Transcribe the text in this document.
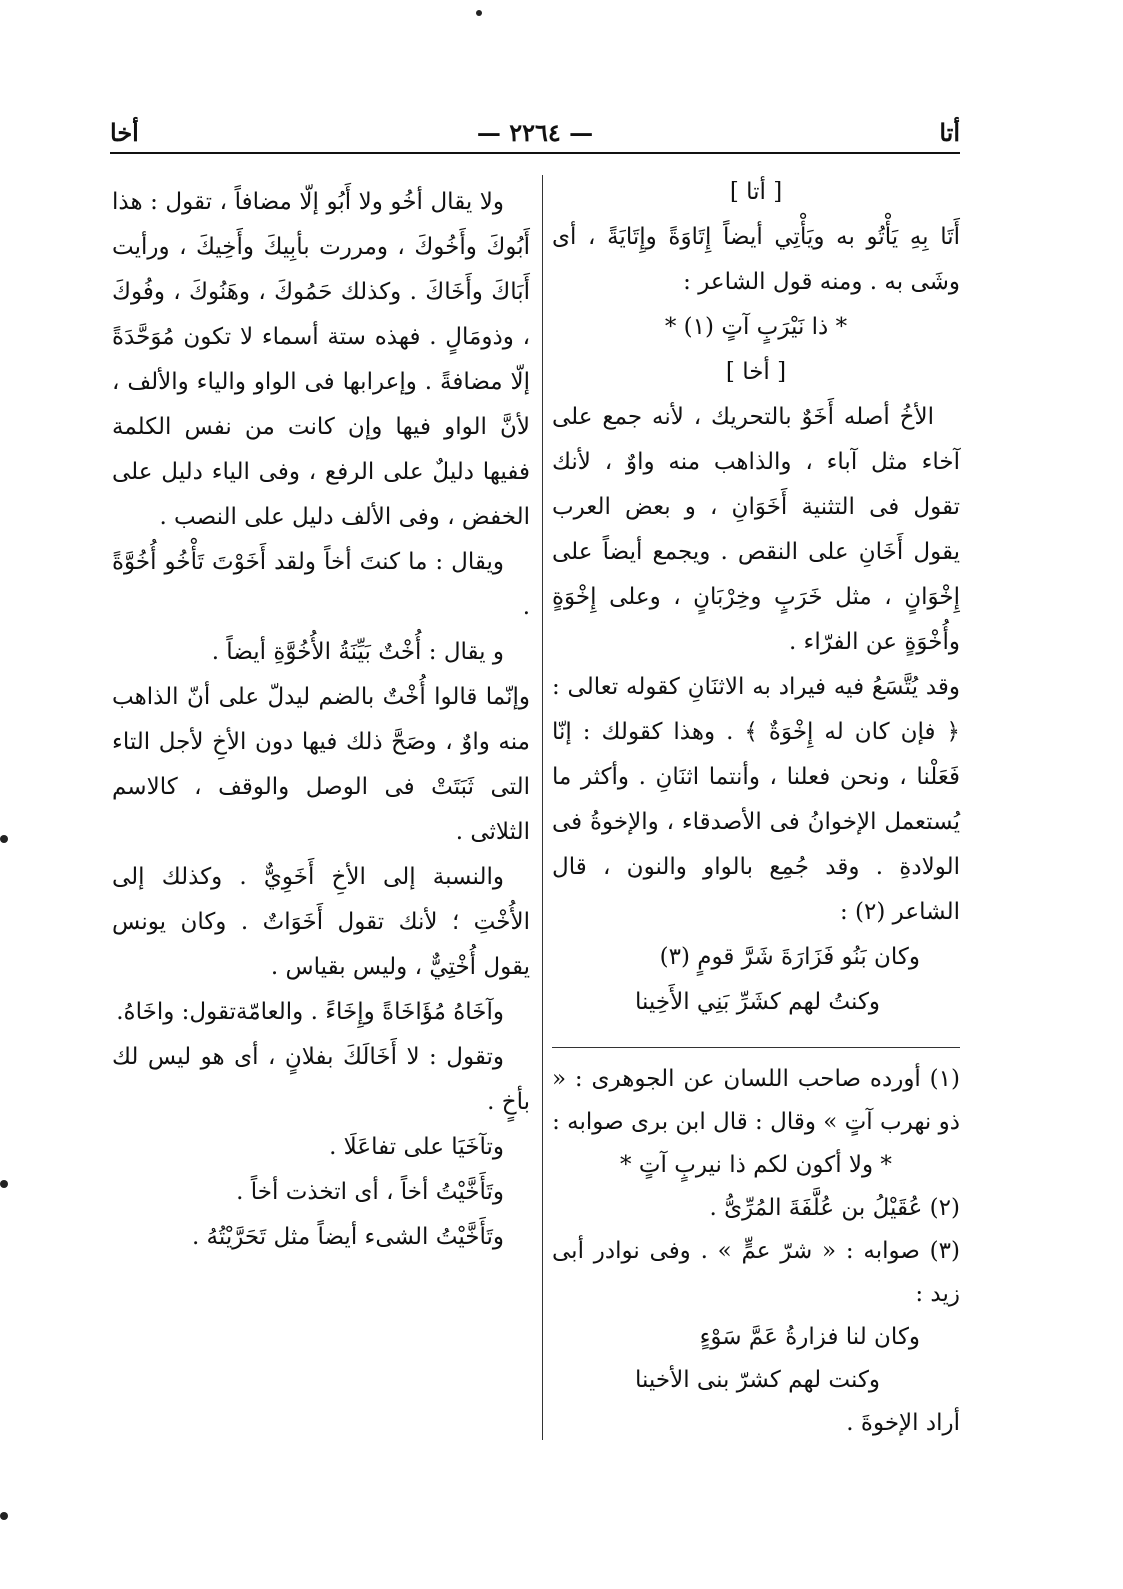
أتا
— ٢٢٦٤ —
أخا

[ أتا ]

أَتَا بِهِ يَأْتُو به ويَأْتِي أيضاً إِتَاوَةً وإِتَايَةً ، أى وشَى به . ومنه قول الشاعر :

* ذا نَيْرَبٍ آتٍ (١) *

[ أخا ]

الأخُ أصله أَخَوٌ بالتحريك ، لأنه جمع على آخاء مثل آباء ، والذاهب منه واوٌ ، لأنك تقول فى التثنية أَخَوَانِ ، و بعض العرب يقول أَخَانِ على النقص . ويجمع أيضاً على إِخْوَانٍ ، مثل خَرَبٍ وخِرْبَانٍ ، وعلى إِخْوَةٍ وأُخْوَةٍ عن الفرّاء .

وقد يُتَّسَعُ فيه فيراد به الاثنَانِ كقوله تعالى : ﴿ فإن كان له إِخْوَةٌ ﴾ . وهذا كقولك : إنّا فَعَلْنا ، ونحن فعلنا ، وأنتما اثنَانِ . وأكثر ما يُستعمل الإخوانُ فى الأصدقاء ، والإخوةُ فى الولادةِ . وقد جُمِع بالواو والنون ، قال الشاعر (٢) :

وكان بَنُو فَزَارَةَ شَرَّ قومٍ (٣)

وكنتُ لهم كشَرِّ بَنِي الأَخِينا

(١) أورده صاحب اللسان عن الجوهرى : « ذو نهرب آتٍ » وقال : قال ابن برى صوابه :

* ولا أكون لكم ذا نيربٍ آتٍ *

(٢) عُقَيْلُ بن عُلَّفَةَ المُرِّىُّ .

(٣) صوابه : « شرّ عمٍّ » . وفى نوادر أبى زيد :

وكان لنا فزارةُ عَمَّ سَوْءٍ

وكنت لهم كشرّ بنى الأخينا

أراد الإخوةَ .

ولا يقال أخُو ولا أَبُو إلّا مضافاً ، تقول : هذا أَبُوكَ وأَخُوكَ ، ومررت بأبِيكَ وأَخِيكَ ، ورأيت أَبَاكَ وأَخَاكَ . وكذلك حَمُوكَ ، وهَنُوكَ ، وفُوكَ ، وذومَالٍ . فهذه ستة أسماء لا تكون مُوَحَّدَةً إلّا مضافةً . وإعرابها فى الواو والياء والألف ، لأنَّ الواو فيها وإن كانت من نفس الكلمة ففيها دليلٌ على الرفع ، وفى الياء دليل على الخفض ، وفى الألف دليل على النصب .

ويقال : ما كنتَ أخاً ولقد أَخَوْتَ تَأْخُو أُخُوَّةً .

و يقال : أُخْتٌ بَيِّنَةُ الأُخُوَّةِ أيضاً .

وإنّما قالوا أُخْتٌ بالضم ليدلّ على أنّ الذاهب منه واوٌ ، وصَحَّ ذلك فيها دون الأخِ لأجل التاء التى ثَبَتَتْ فى الوصل والوقف ، كالاسم الثلاثى .

والنسبة إلى الأخِ أَخَوِيٌّ . وكذلك إلى الأُخْتِ ؛ لأنك تقول أَخَوَاتٌ . وكان يونس يقول أُخْتِيٌّ ، وليس بقياس .

وآخَاهُ مُؤَاخَاةً وإِخَاءً . والعامّةتقول: واخَاهُ.

وتقول : لا أَخَالَكَ بفلانٍ ، أى هو ليس لك بأخٍ .

وتآخَيَا على تفاعَلَا .

وتَأَخَّيْتُ أخاً ، أى اتخذت أخاً .

وتَأَخَّيْتُ الشىء أيضاً مثل تَحَرَّيْتُهُ .
